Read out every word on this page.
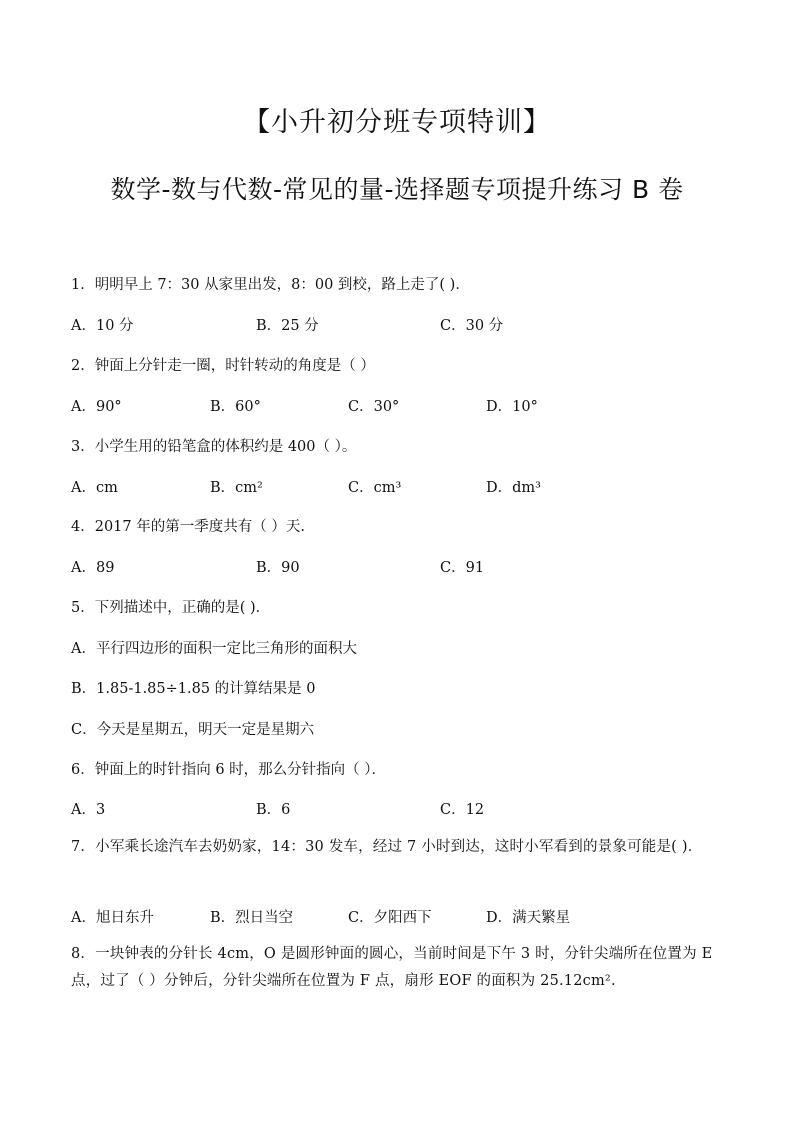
【小升初分班专项特训】
数学-数与代数-常见的量-选择题专项提升练习 B 卷
1．明明早上 7：30 从家里出发，8：00 到校，路上走了( )．
A．10 分	B．25 分	C．30 分
2．钟面上分针走一圈，时针转动的角度是（ ）
A．90°	B．60°	C．30°	D．10°
3．小学生用的铅笔盒的体积约是 400（ ）。
A．cm	B．cm²	C．cm³	D．dm³
4．2017 年的第一季度共有（ ）天.
A．89	B．90	C．91
5．下列描述中，正确的是( )．
A．平行四边形的面积一定比三角形的面积大
B．1.85-1.85÷1.85 的计算结果是 0
C．今天是星期五，明天一定是星期六
6．钟面上的时针指向 6 时，那么分针指向（ ）．
A．3	B．6	C．12
7．小军乘长途汽车去奶奶家，14：30 发车，经过 7 小时到达，这时小军看到的景象可能是( )．
A．旭日东升	B．烈日当空	C．夕阳西下	D．满天繁星
8．一块钟表的分针长 4cm，O 是圆形钟面的圆心，当前时间是下午 3 时，分针尖端所在位置为 E 点，过了（ ）分钟后，分针尖端所在位置为 F 点，扇形 EOF 的面积为 25.12cm².
